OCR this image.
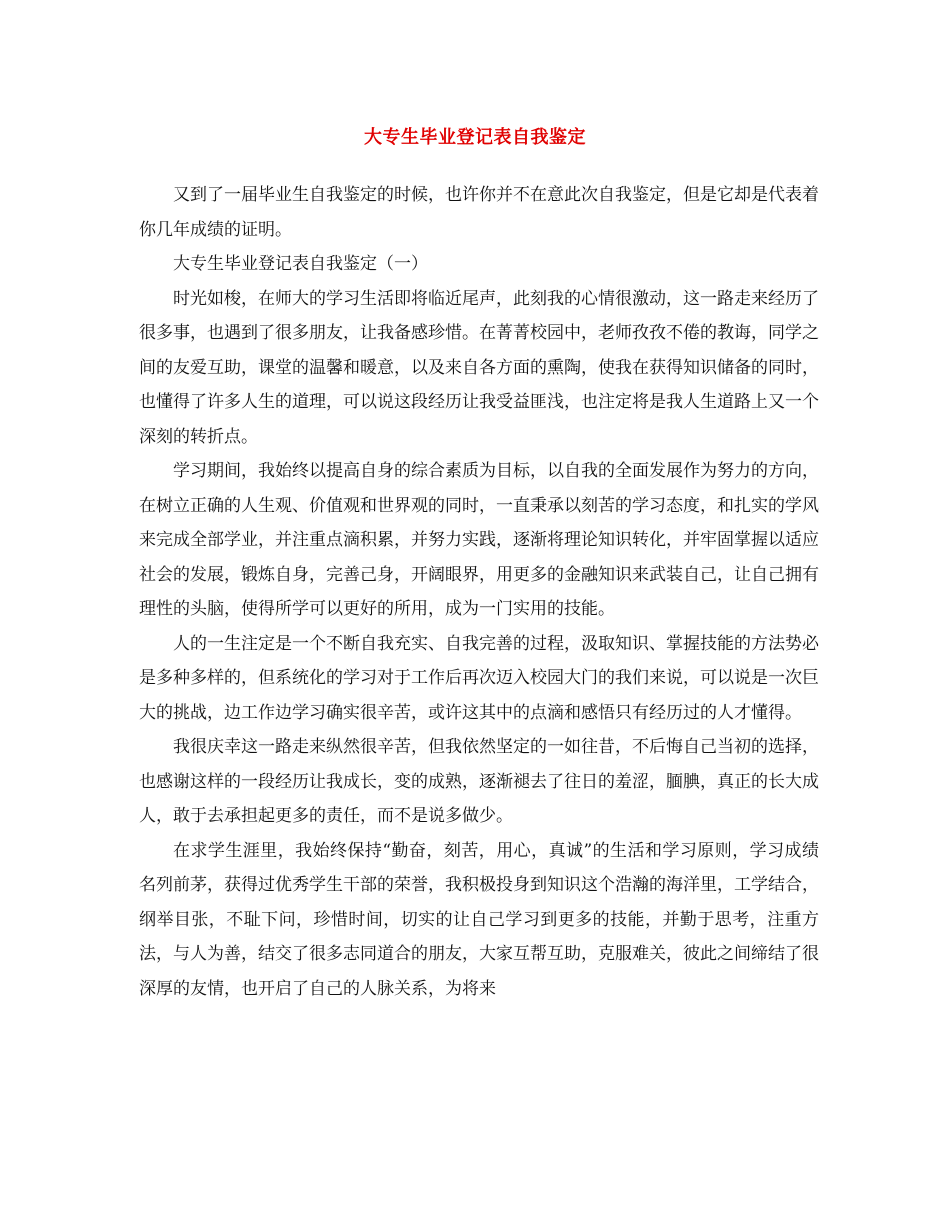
大专生毕业登记表自我鉴定

又到了一届毕业生自我鉴定的时候，也许你并不在意此次自我鉴定，但是它却是代表着你几年成绩的证明。

大专生毕业登记表自我鉴定（一）

时光如梭，在师大的学习生活即将临近尾声，此刻我的心情很激动，这一路走来经历了很多事，也遇到了很多朋友，让我备感珍惜。在菁菁校园中，老师孜孜不倦的教诲，同学之间的友爱互助，课堂的温馨和暖意，以及来自各方面的熏陶，使我在获得知识储备的同时，也懂得了许多人生的道理，可以说这段经历让我受益匪浅，也注定将是我人生道路上又一个深刻的转折点。

学习期间，我始终以提高自身的综合素质为目标，以自我的全面发展作为努力的方向，在树立正确的人生观、价值观和世界观的同时，一直秉承以刻苦的学习态度，和扎实的学风来完成全部学业，并注重点滴积累，并努力实践，逐渐将理论知识转化，并牢固掌握以适应社会的发展，锻炼自身，完善己身，开阔眼界，用更多的金融知识来武装自己，让自己拥有理性的头脑，使得所学可以更好的所用，成为一门实用的技能。

人的一生注定是一个不断自我充实、自我完善的过程，汲取知识、掌握技能的方法势必是多种多样的，但系统化的学习对于工作后再次迈入校园大门的我们来说，可以说是一次巨大的挑战，边工作边学习确实很辛苦，或许这其中的点滴和感悟只有经历过的人才懂得。

我很庆幸这一路走来纵然很辛苦，但我依然坚定的一如往昔，不后悔自己当初的选择，也感谢这样的一段经历让我成长，变的成熟，逐渐褪去了往日的羞涩，腼腆，真正的长大成人，敢于去承担起更多的责任，而不是说多做少。

在求学生涯里，我始终保持“勤奋，刻苦，用心，真诚”的生活和学习原则，学习成绩名列前茅，获得过优秀学生干部的荣誉，我积极投身到知识这个浩瀚的海洋里，工学结合，纲举目张，不耻下问，珍惜时间，切实的让自己学习到更多的技能，并勤于思考，注重方法，与人为善，结交了很多志同道合的朋友，大家互帮互助，克服难关，彼此之间缔结了很深厚的友情，也开启了自己的人脉关系，为将来
